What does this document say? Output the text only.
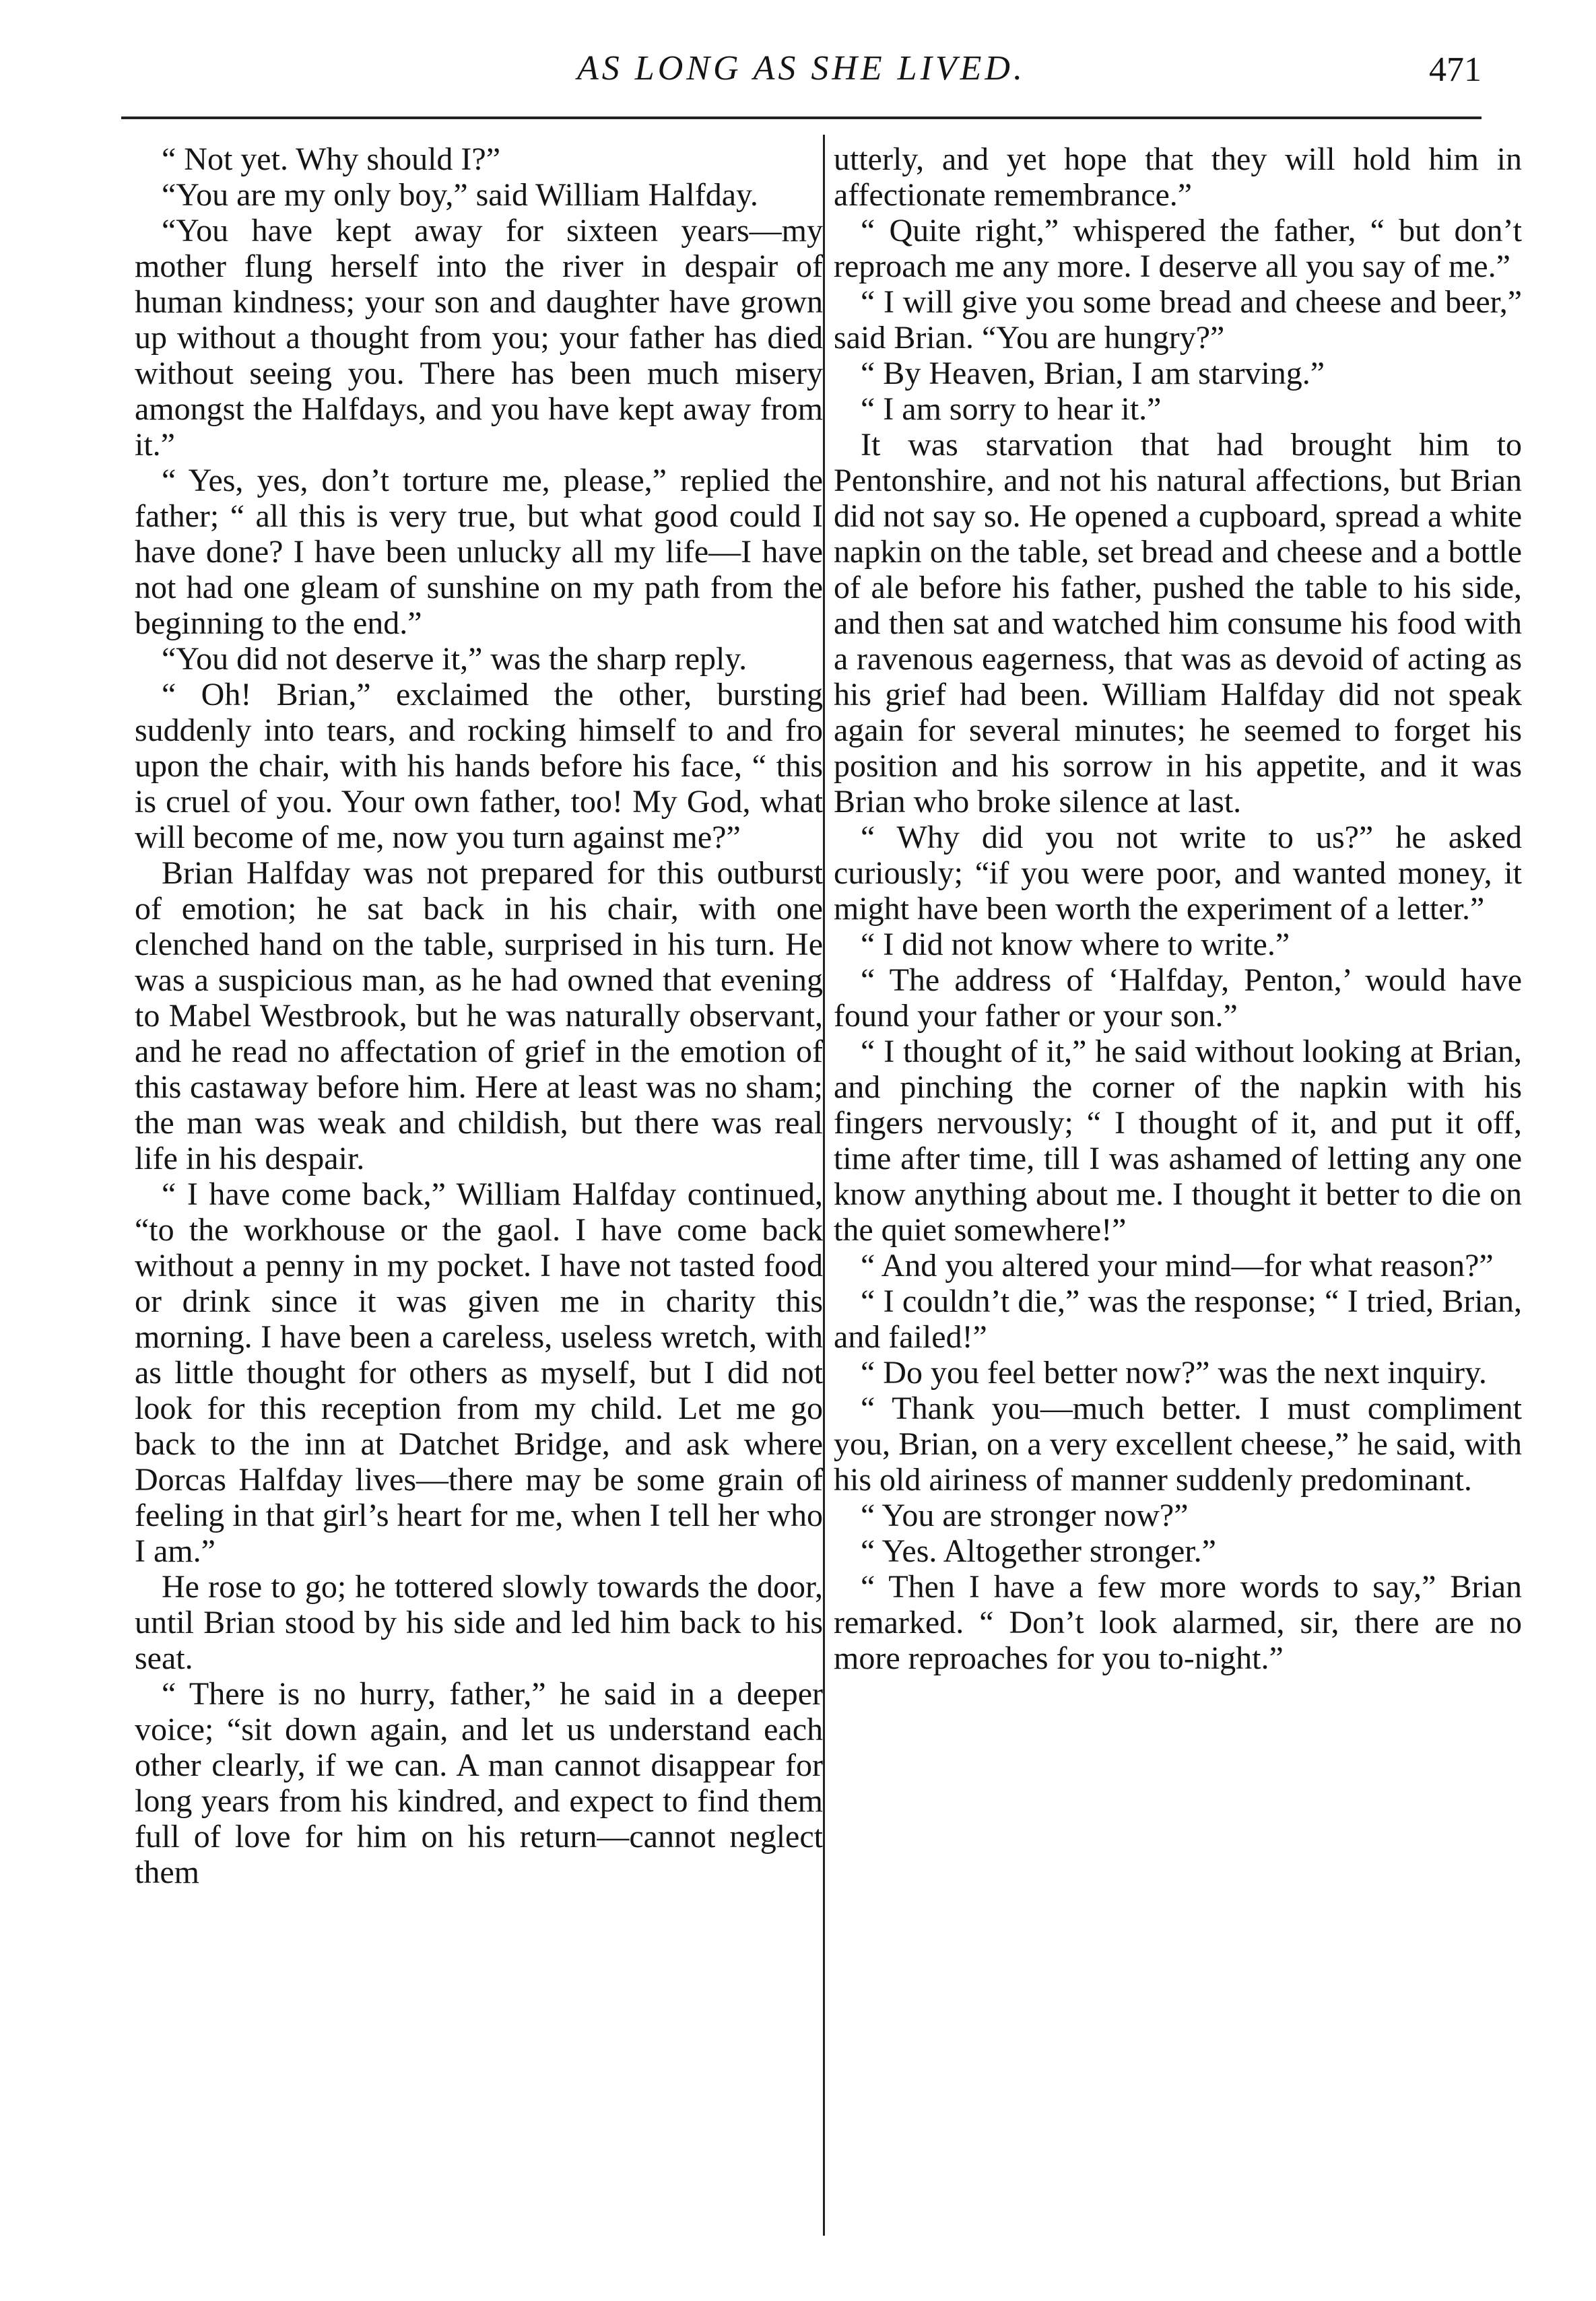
AS LONG AS SHE LIVED.	471

“ Not yet. Why should I?”

“You are my only boy,” said William Halfday.

“You have kept away for sixteen years—my mother flung herself into the river in despair of human kindness; your son and daughter have grown up without a thought from you; your father has died without seeing you. There has been much misery amongst the Halfdays, and you have kept away from it.”

“ Yes, yes, don’t torture me, please,” replied the father; “ all this is very true, but what good could I have done? I have been unlucky all my life—I have not had one gleam of sunshine on my path from the beginning to the end.”

“You did not deserve it,” was the sharp reply.

“ Oh! Brian,” exclaimed the other, bursting suddenly into tears, and rocking himself to and fro upon the chair, with his hands before his face, “ this is cruel of you. Your own father, too! My God, what will become of me, now you turn against me?”

Brian Halfday was not prepared for this outburst of emotion; he sat back in his chair, with one clenched hand on the table, surprised in his turn. He was a suspicious man, as he had owned that evening to Mabel Westbrook, but he was naturally observant, and he read no affectation of grief in the emotion of this castaway before him. Here at least was no sham; the man was weak and childish, but there was real life in his despair.

“ I have come back,” William Halfday continued, “to the workhouse or the gaol. I have come back without a penny in my pocket. I have not tasted food or drink since it was given me in charity this morning. I have been a careless, useless wretch, with as little thought for others as myself, but I did not look for this reception from my child. Let me go back to the inn at Datchet Bridge, and ask where Dorcas Halfday lives—there may be some grain of feeling in that girl’s heart for me, when I tell her who I am.”

He rose to go; he tottered slowly towards the door, until Brian stood by his side and led him back to his seat.

“ There is no hurry, father,” he said in a deeper voice; “sit down again, and let us understand each other clearly, if we can. A man cannot disappear for long years from his kindred, and expect to find them full of love for him on his return—cannot neglect them

utterly, and yet hope that they will hold him in affectionate remembrance.”

“ Quite right,” whispered the father, “ but don’t reproach me any more. I deserve all you say of me.”

“ I will give you some bread and cheese and beer,” said Brian. “You are hungry?”

“ By Heaven, Brian, I am starving.”

“ I am sorry to hear it.”

It was starvation that had brought him to Pentonshire, and not his natural affections, but Brian did not say so. He opened a cupboard, spread a white napkin on the table, set bread and cheese and a bottle of ale before his father, pushed the table to his side, and then sat and watched him consume his food with a ravenous eagerness, that was as devoid of acting as his grief had been. William Halfday did not speak again for several minutes; he seemed to forget his position and his sorrow in his appetite, and it was Brian who broke silence at last.

“ Why did you not write to us?” he asked curiously; “if you were poor, and wanted money, it might have been worth the experiment of a letter.”

“ I did not know where to write.”

“ The address of ‘Halfday, Penton,’ would have found your father or your son.”

“ I thought of it,” he said without looking at Brian, and pinching the corner of the napkin with his fingers nervously; “ I thought of it, and put it off, time after time, till I was ashamed of letting any one know anything about me. I thought it better to die on the quiet somewhere!”

“ And you altered your mind—for what reason?”

“ I couldn’t die,” was the response; “ I tried, Brian, and failed!”

“ Do you feel better now?” was the next inquiry.

“ Thank you—much better. I must compliment you, Brian, on a very excellent cheese,” he said, with his old airiness of manner suddenly predominant.

“ You are stronger now?”

“ Yes. Altogether stronger.”

“ Then I have a few more words to say,” Brian remarked. “ Don’t look alarmed, sir, there are no more reproaches for you to-night.”
